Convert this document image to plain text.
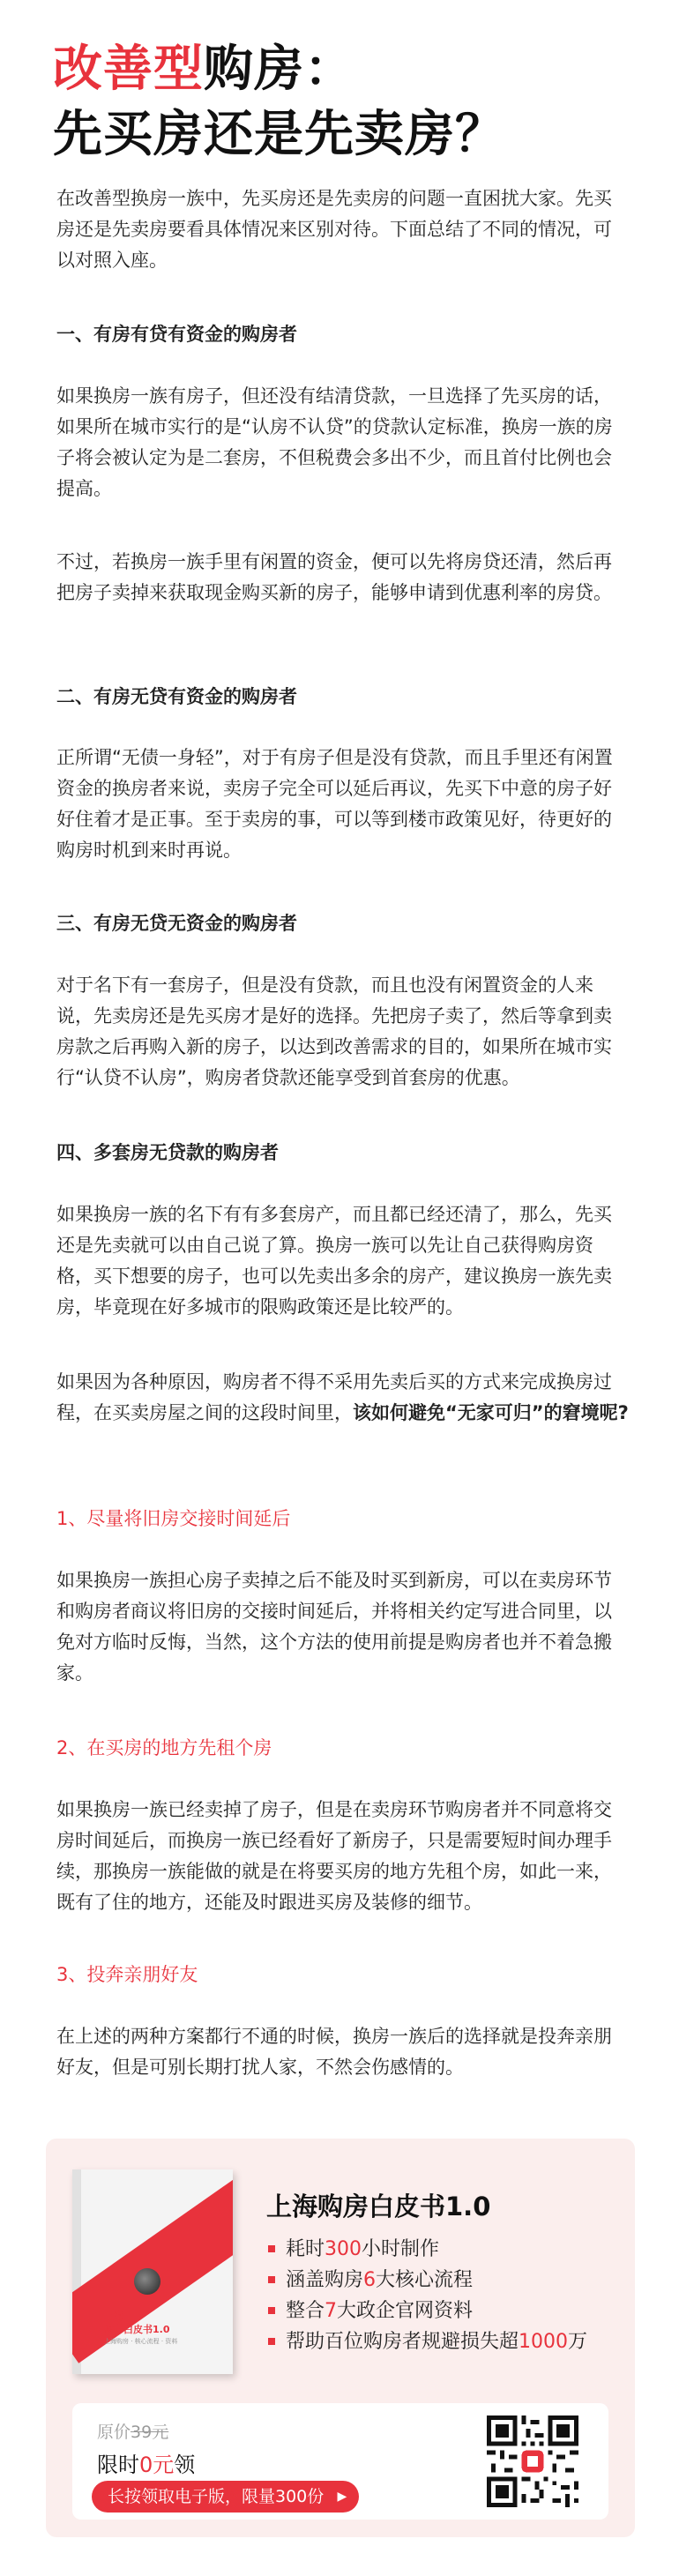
改善型购房：
先买房还是先卖房？
在改善型换房一族中，先买房还是先卖房的问题一直困扰大家。先买房还是先卖房要看具体情况来区别对待。下面总结了不同的情况，可以对照入座。
一、有房有贷有资金的购房者
如果换房一族有房子，但还没有结清贷款，一旦选择了先买房的话，如果所在城市实行的是“认房不认贷”的贷款认定标准，换房一族的房子将会被认定为是二套房，不但税费会多出不少，而且首付比例也会提高。
不过，若换房一族手里有闲置的资金，便可以先将房贷还清，然后再把房子卖掉来获取现金购买新的房子，能够申请到优惠利率的房贷。
二、有房无贷有资金的购房者
正所谓“无债一身轻”，对于有房子但是没有贷款，而且手里还有闲置资金的换房者来说，卖房子完全可以延后再议，先买下中意的房子好好住着才是正事。至于卖房的事，可以等到楼市政策见好，待更好的购房时机到来时再说。
三、有房无贷无资金的购房者
对于名下有一套房子，但是没有贷款，而且也没有闲置资金的人来说，先卖房还是先买房才是好的选择。先把房子卖了，然后等拿到卖房款之后再购入新的房子，以达到改善需求的目的，如果所在城市实行“认贷不认房”，购房者贷款还能享受到首套房的优惠。
四、多套房无贷款的购房者
如果换房一族的名下有有多套房产，而且都已经还清了，那么，先买还是先卖就可以由自己说了算。换房一族可以先让自己获得购房资格，买下想要的房子，也可以先卖出多余的房产，建议换房一族先卖房，毕竟现在好多城市的限购政策还是比较严的。
如果因为各种原因，购房者不得不采用先卖后买的方式来完成换房过程，在买卖房屋之间的这段时间里，该如何避免“无家可归”的窘境呢?
1、尽量将旧房交接时间延后
如果换房一族担心房子卖掉之后不能及时买到新房，可以在卖房环节和购房者商议将旧房的交接时间延后，并将相关约定写进合同里，以免对方临时反悔，当然，这个方法的使用前提是购房者也并不着急搬家。
2、在买房的地方先租个房
如果换房一族已经卖掉了房子，但是在卖房环节购房者并不同意将交房时间延后，而换房一族已经看好了新房子，只是需要短时间办理手续，那换房一族能做的就是在将要买房的地方先租个房，如此一来，既有了住的地方，还能及时跟进买房及装修的细节。
3、投奔亲朋好友
在上述的两种方案都行不通的时候，换房一族后的选择就是投奔亲朋好友，但是可别长期打扰人家，不然会伤感情的。
上海
购房白皮书1.0
上海购房 · 核心流程 · 资料
上海购房白皮书1.0
耗时300小时制作
涵盖购房6大核心流程
整合7大政企官网资料
帮助百位购房者规避损失超1000万
原价39元
限时0元领
长按领取电子版，限量300份 ▶
